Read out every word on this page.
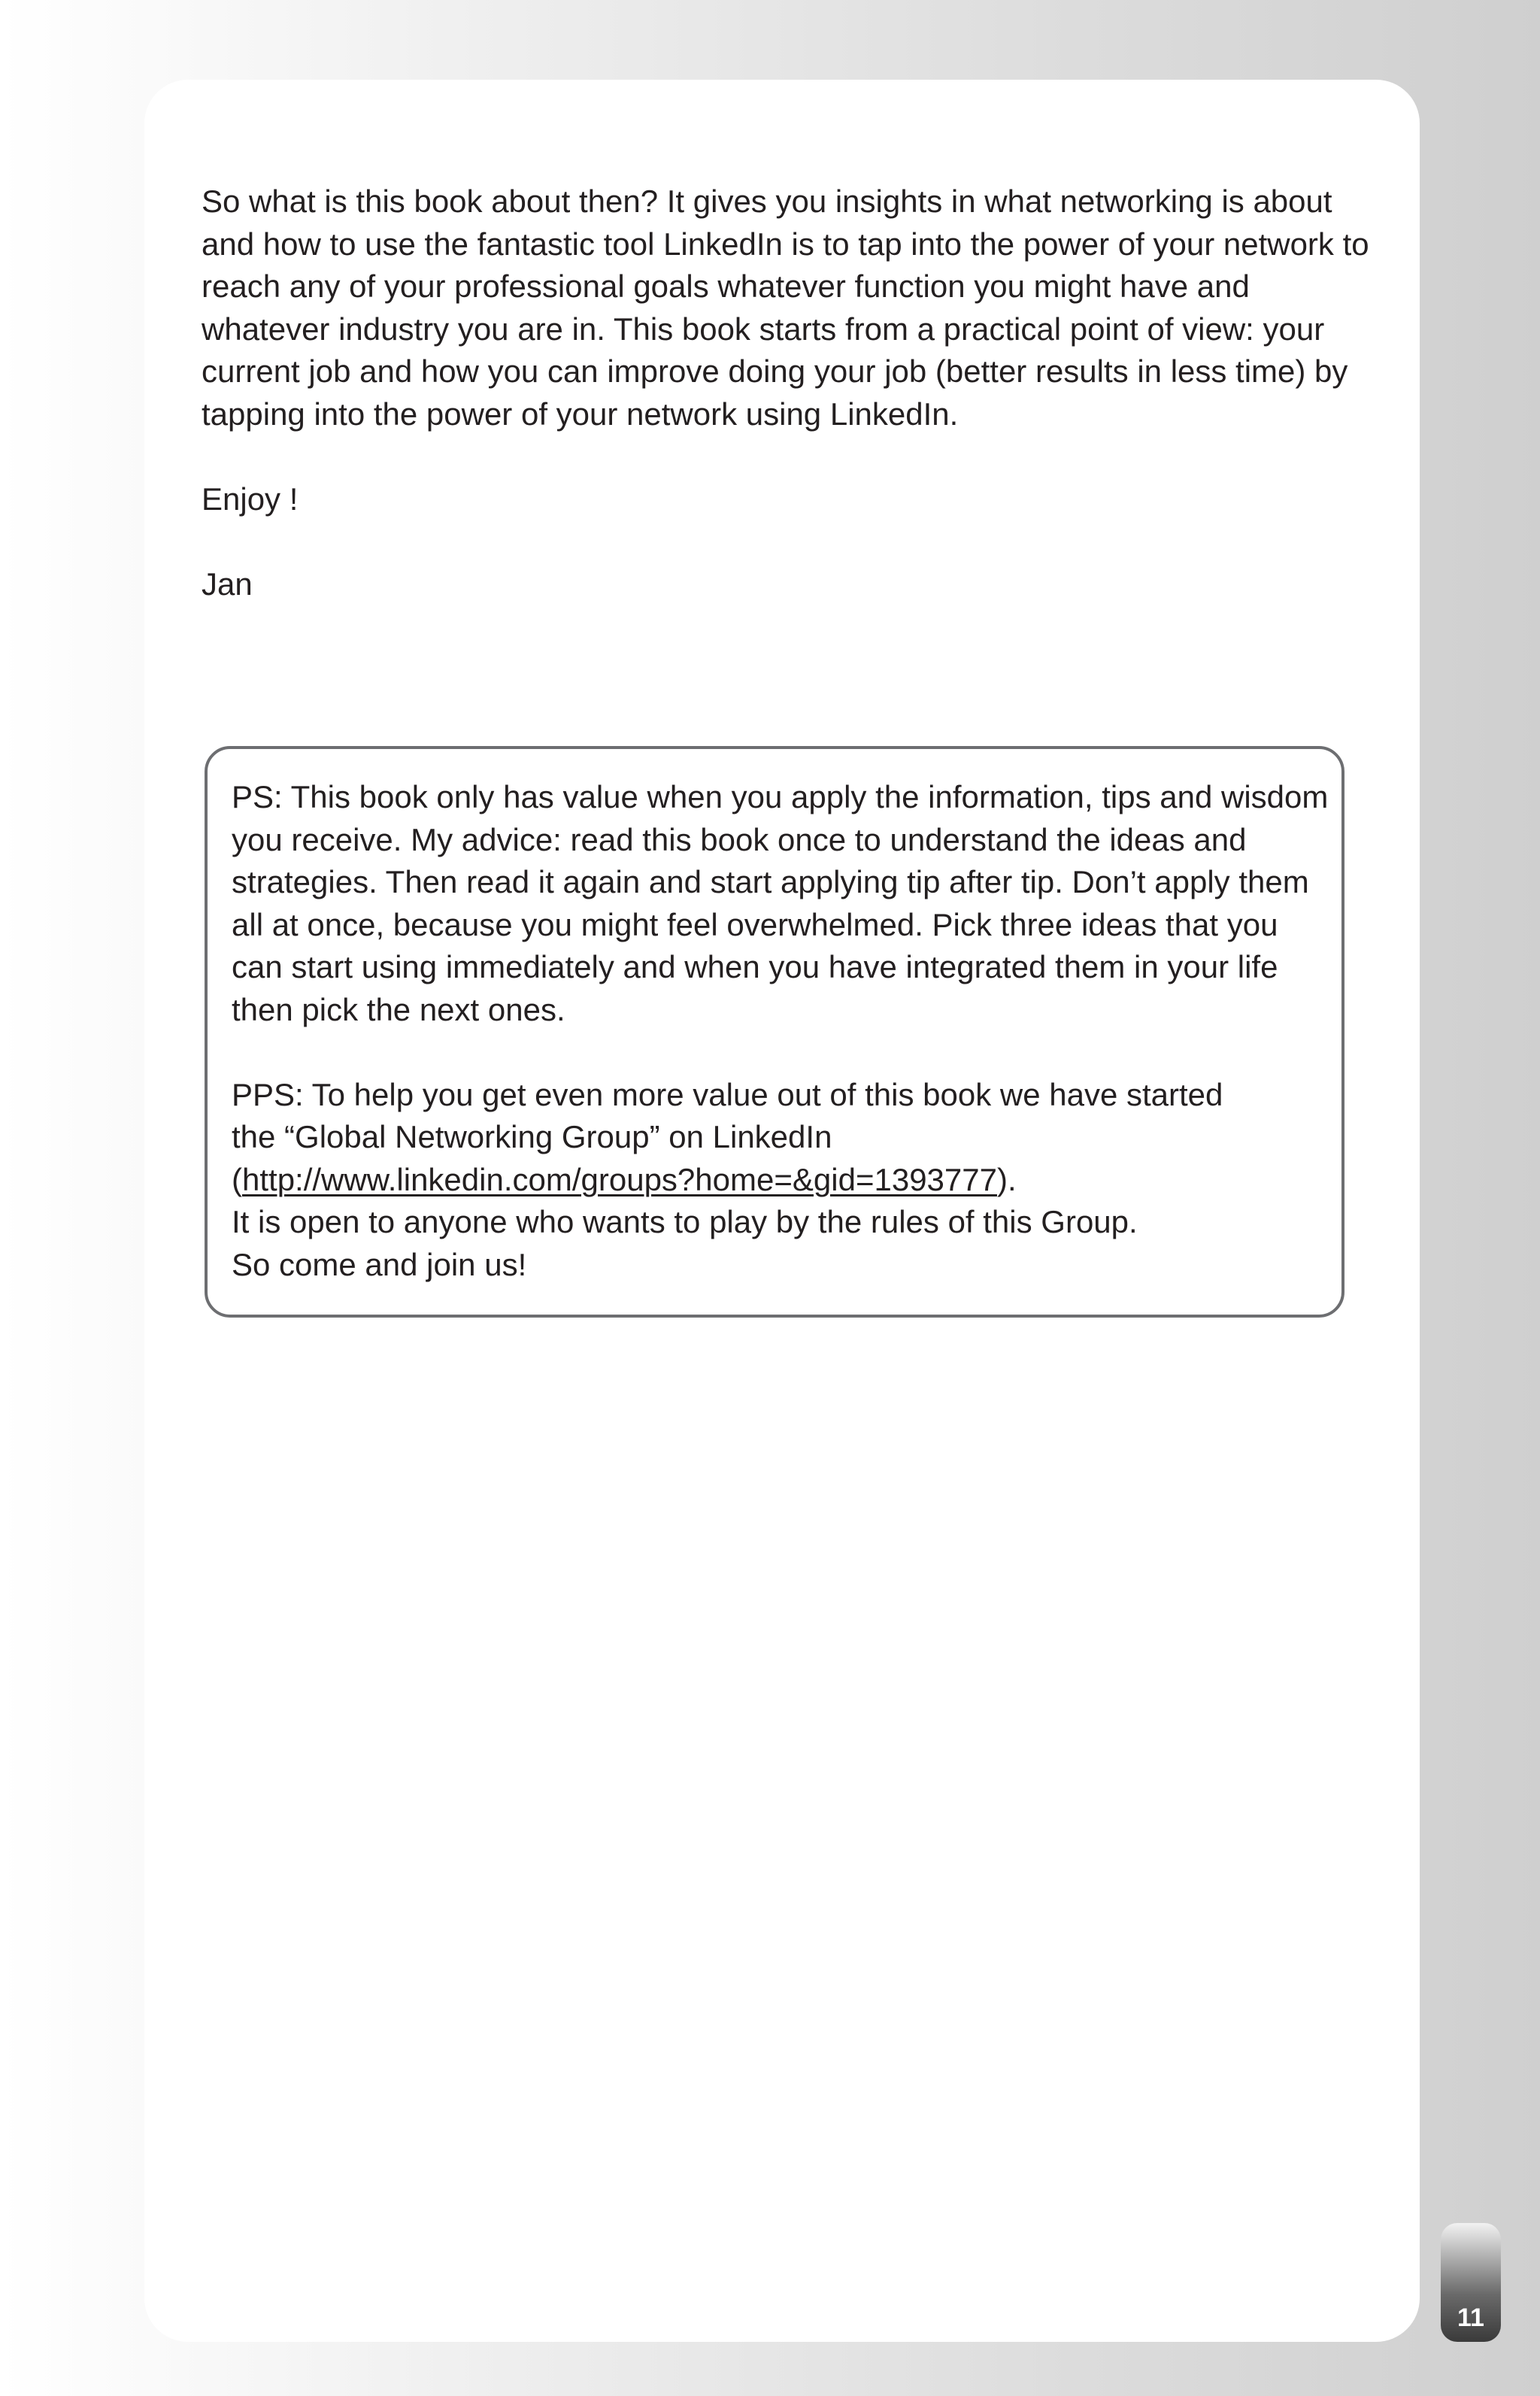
So what is this book about then? It gives you insights in what networking is about and how to use the fantastic tool LinkedIn is to tap into the power of your network to reach any of your professional goals whatever function you might have and whatever industry you are in. This book starts from a practical point of view: your current job and how you can improve doing your job (better results in less time) by tapping into the power of your network using LinkedIn.

Enjoy !

Jan

PS: This book only has value when you apply the information, tips and wisdom you receive. My advice: read this book once to understand the ideas and strategies. Then read it again and start applying tip after tip. Don’t apply them all at once, because you might feel overwhelmed. Pick three ideas that you can start using immediately and when you have integrated them in your life then pick the next ones.

PPS: To help you get even more value out of this book we have started
the “Global Networking Group” on LinkedIn
(http://www.linkedin.com/groups?home=&gid=1393777).
It is open to anyone who wants to play by the rules of this Group.
So come and join us!
11
